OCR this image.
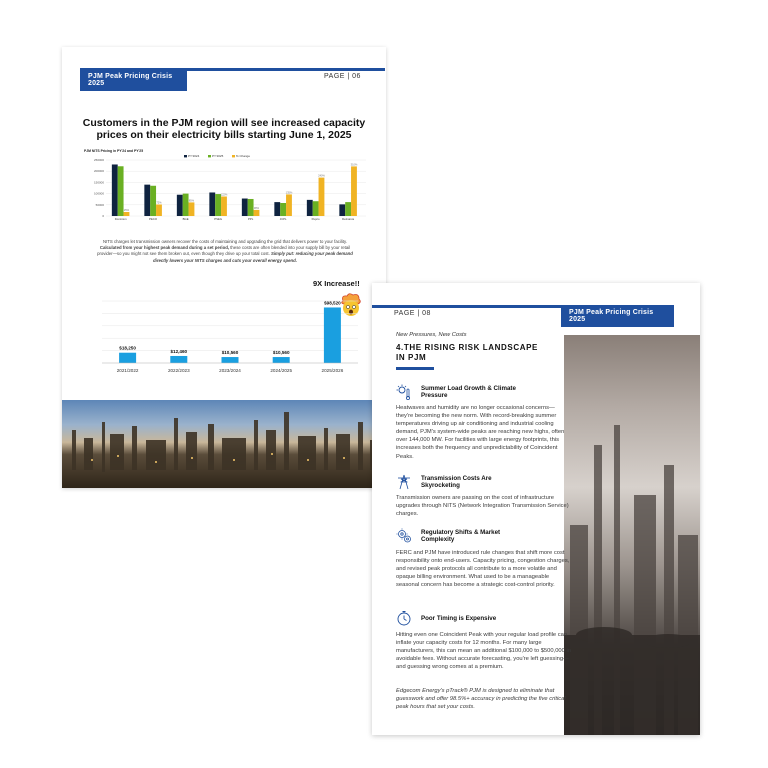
PJM Peak Pricing Crisis 2025
PAGE | 06
Customers in the PJM region will see increased capacity prices on their electricity bills starting June 1, 2025
PJM NITS Pricing in PY'24 and PY'25
PY'2024	PY'2025	% Change
0
50000
100000
150000
200000
250000
25%
Dominion
72%
PECO
85%
BGE
122%
PSEG
38%
PPL
135%
JCPL
240%
Pepco
310%
Delmarva
NITS charges let transmission owners recover the costs of maintaining and upgrading the grid that delivers power to your facility. Calculated from your highest peak demand during a set period, these costs are often blended into your supply bill by your retail provider—so you might not see them broken out, even though they drive up your total cost. Simply put: reducing your peak demand directly lowers your NITS charges and cuts your overall energy spend.
9X Increase!!
$18,250
2021/2022
$12,460
2022/2023
$10,560
2023/2024
$10,560
2024/2025
$98,520
2025/2026
PAGE | 08	PJM Peak Pricing Crisis 2025
New Pressures, New Costs
4.THE RISING RISK LANDSCAPE
IN PJM
Summer Load Growth & Climate
Pressure
Heatwaves and humidity are no longer occasional concerns—they're becoming the new norm. With record-breaking summer temperatures driving up air conditioning and industrial cooling demand, PJM's system-wide peaks are reaching new highs, often over 144,000 MW. For facilities with large energy footprints, this increases both the frequency and unpredictability of Coincident Peaks.
Transmission Costs Are
Skyrocketing
Transmission owners are passing on the cost of infrastructure upgrades through NITS (Network Integration Transmission Service) charges.
Regulatory Shifts & Market
Complexity
FERC and PJM have introduced rule changes that shift more cost responsibility onto end-users. Capacity pricing, congestion charges, and revised peak protocols all contribute to a more volatile and opaque billing environment. What used to be a manageable seasonal concern has become a strategic cost-control priority.
Poor Timing is Expensive
Hitting even one Coincident Peak with your regular load profile can inflate your capacity costs for 12 months. For many large manufacturers, this can mean an additional $100,000 to $500,000 in avoidable fees. Without accurate forecasting, you're left guessing—and guessing wrong comes at a premium.
Edgecom Energy's pTrack® PJM is designed to eliminate that guesswork and offer 98.5%+ accuracy in predicting the five critical peak hours that set your costs.
